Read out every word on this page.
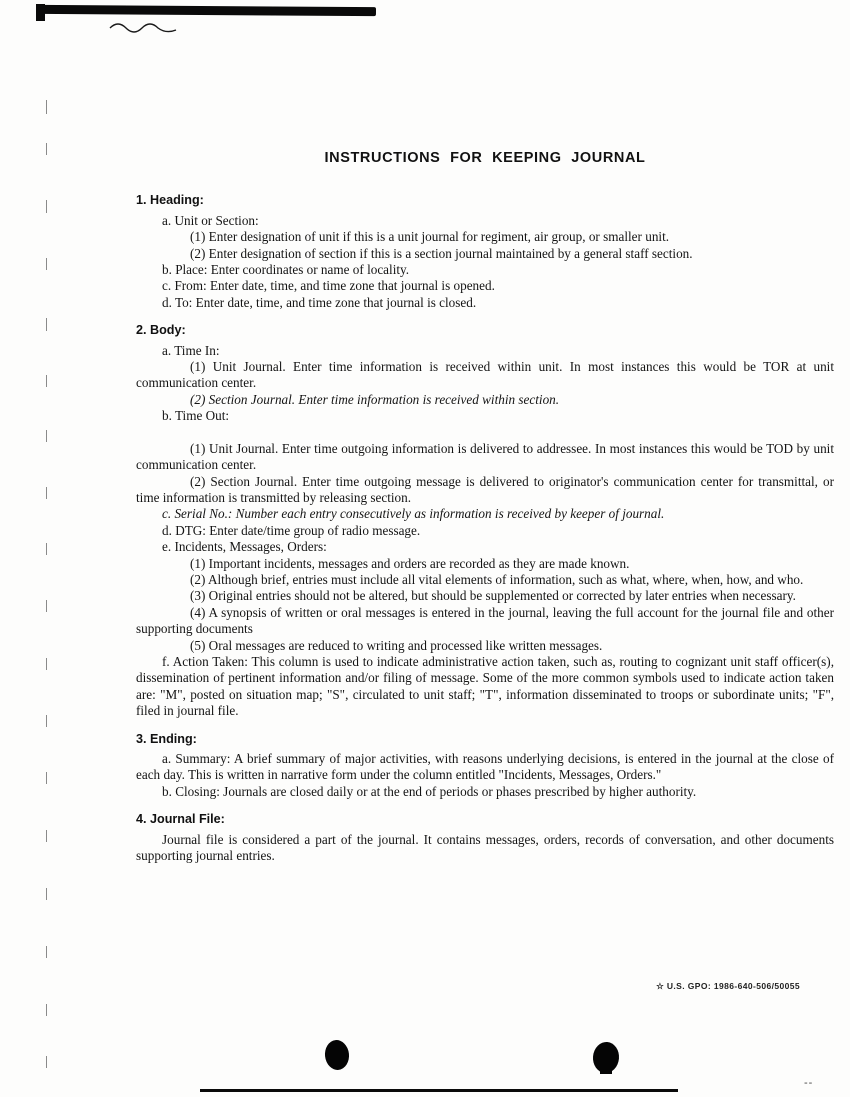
INSTRUCTIONS FOR KEEPING JOURNAL
1. Heading:

a. Unit or Section:

(1) Enter designation of unit if this is a unit journal for regiment, air group, or smaller unit.

(2) Enter designation of section if this is a section journal maintained by a general staff section.

b. Place: Enter coordinates or name of locality.

c. From: Enter date, time, and time zone that journal is opened.

d. To: Enter date, time, and time zone that journal is closed.

2. Body:

a. Time In:

(1) Unit Journal. Enter time information is received within unit. In most instances this would be TOR at unit communication center.

(2) Section Journal. Enter time information is received within section.

b. Time Out:

(1) Unit Journal. Enter time outgoing information is delivered to addressee. In most instances this would be TOD by unit communication center.

(2) Section Journal. Enter time outgoing message is delivered to originator's communication center for transmittal, or time information is transmitted by releasing section.

c. Serial No.: Number each entry consecutively as information is received by keeper of journal.

d. DTG: Enter date/time group of radio message.

e. Incidents, Messages, Orders:

(1) Important incidents, messages and orders are recorded as they are made known.

(2) Although brief, entries must include all vital elements of information, such as what, where, when, how, and who.

(3) Original entries should not be altered, but should be supplemented or corrected by later entries when necessary.

(4) A synopsis of written or oral messages is entered in the journal, leaving the full account for the journal file and other supporting documents

(5) Oral messages are reduced to writing and processed like written messages.

f. Action Taken: This column is used to indicate administrative action taken, such as, routing to cognizant unit staff officer(s), dissemination of pertinent information and/or filing of message. Some of the more common symbols used to indicate action taken are: "M", posted on situation map; "S", circulated to unit staff; "T", information disseminated to troops or subordinate units; "F", filed in journal file.

3. Ending:

a. Summary: A brief summary of major activities, with reasons underlying decisions, is entered in the journal at the close of each day. This is written in narrative form under the column entitled "Incidents, Messages, Orders."

b. Closing: Journals are closed daily or at the end of periods or phases prescribed by higher authority.

4. Journal File:

Journal file is considered a part of the journal. It contains messages, orders, records of conversation, and other documents supporting journal entries.

☆ U.S. GPO: 1986-640-506/50055
--
